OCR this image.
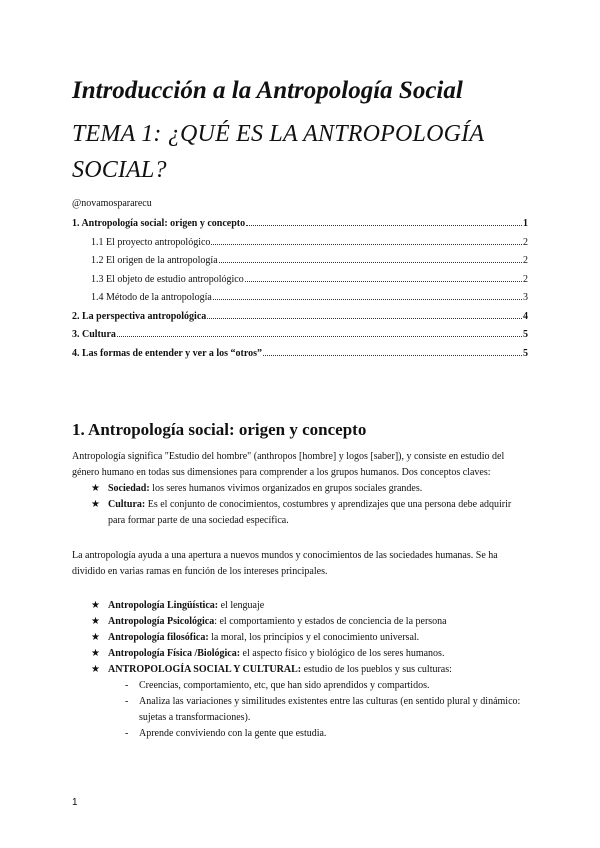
Introducción a la Antropología Social
TEMA 1: ¿QUÉ ES LA ANTROPOLOGÍA SOCIAL?
@novamospararecu
1. Antropología social: origen y concepto	1
1.1 El proyecto antropológico	2
1.2 El origen de la antropología	2
1.3 El objeto de estudio antropológico	2
1.4 Método de la antropología	3
2. La perspectiva antropológica	4
3. Cultura	5
4. Las formas de entender y ver a los “otros”	5
1. Antropología social: origen y concepto
Antropología significa "Estudio del hombre" (anthropos [hombre] y logos [saber]), y consiste en estudio del género humano en todas sus dimensiones para comprender a los grupos humanos. Dos conceptos claves:
★ Sociedad: los seres humanos vivimos organizados en grupos sociales grandes.
★ Cultura: Es el conjunto de conocimientos, costumbres y aprendizajes que una persona debe adquirir para formar parte de una sociedad específica.
La antropología ayuda a una apertura a nuevos mundos y conocimientos de las sociedades humanas. Se ha dividido en varias ramas en función de los intereses principales.
★ Antropología Lingüística: el lenguaje
★ Antropología Psicológica: el comportamiento y estados de conciencia de la persona
★ Antropología filosófica: la moral, los principios y el conocimiento universal.
★ Antropología Física /Biológica: el aspecto físico y biológico de los seres humanos.
★ ANTROPOLOGÍA SOCIAL Y CULTURAL: estudio de los pueblos y sus culturas:
- Creencias, comportamiento, etc, que han sido aprendidos y compartidos.
- Analiza las variaciones y similitudes existentes entre las culturas (en sentido plural y dinámico: sujetas a transformaciones).
- Aprende conviviendo con la gente que estudia.
1
